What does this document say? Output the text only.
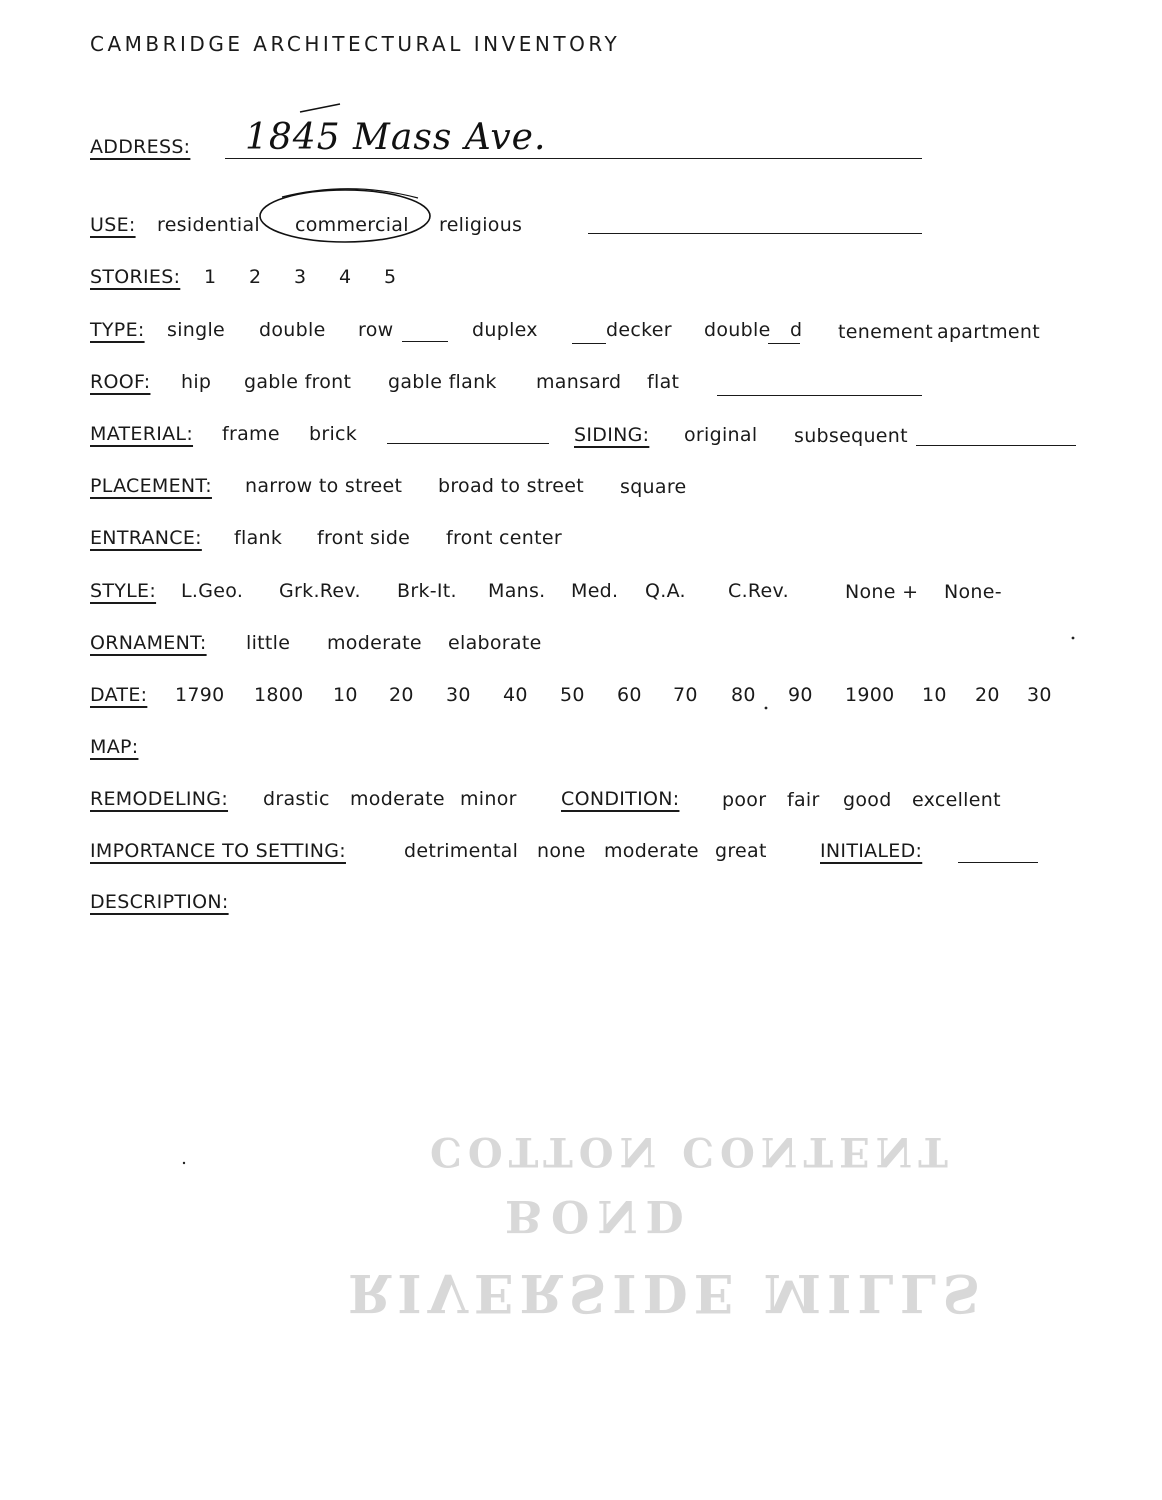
CAMBRIDGE ARCHITECTURAL INVENTORY
ADDRESS: 1845 Mass Ave.
USE: residential commercial religious
STORIES: 1 2 3 4 5
TYPE: single double row	duplex	decker double d tenement apartment
ROOF: hip gable front gable flank mansard flat
MATERIAL: frame brick	SIDING: original subsequent
PLACEMENT: narrow to street broad to street square
ENTRANCE: flank front side front center
STYLE: L.Geo. Grk.Rev. Brk-It. Mans. Med. Q.A. C.Rev.	None + None-
ORNAMENT: little moderate elaborate
DATE: 1790 1800 10 20 30 40 50 60 70 80 90 1900 10 20 30
MAP:
REMODELING: drastic moderate minor CONDITION: poor fair good excellent
IMPORTANCE TO SETTING:	detrimental none moderate great	INITIALED:
DESCRIPTION:
COTTON CONTENT
BOND
RIVERSIDE MILLS
